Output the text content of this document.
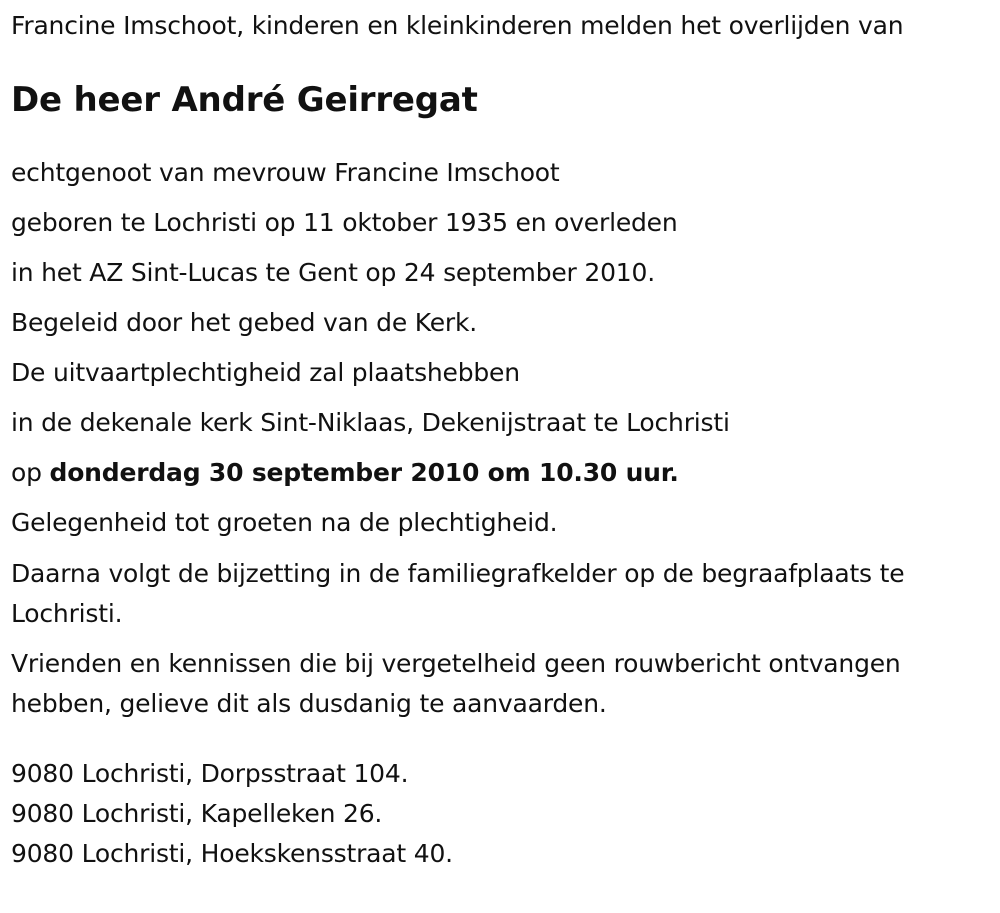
Francine Imschoot, kinderen en kleinkinderen melden het overlijden van

De heer André Geirregat

echtgenoot van mevrouw Francine Imschoot

geboren te Lochristi op 11 oktober 1935 en overleden

in het AZ Sint-Lucas te Gent op 24 september 2010.

Begeleid door het gebed van de Kerk.

De uitvaartplechtigheid zal plaatshebben

in de dekenale kerk Sint-Niklaas, Dekenijstraat te Lochristi

op donderdag 30 september 2010 om 10.30 uur.

Gelegenheid tot groeten na de plechtigheid.

Daarna volgt de bijzetting in de familiegrafkelder op de begraafplaats te Lochristi.

Vrienden en kennissen die bij vergetelheid geen rouwbericht ontvangen hebben, gelieve dit als dusdanig te aanvaarden.

9080 Lochristi, Dorpsstraat 104.

9080 Lochristi, Kapelleken 26.

9080 Lochristi, Hoekskensstraat 40.
